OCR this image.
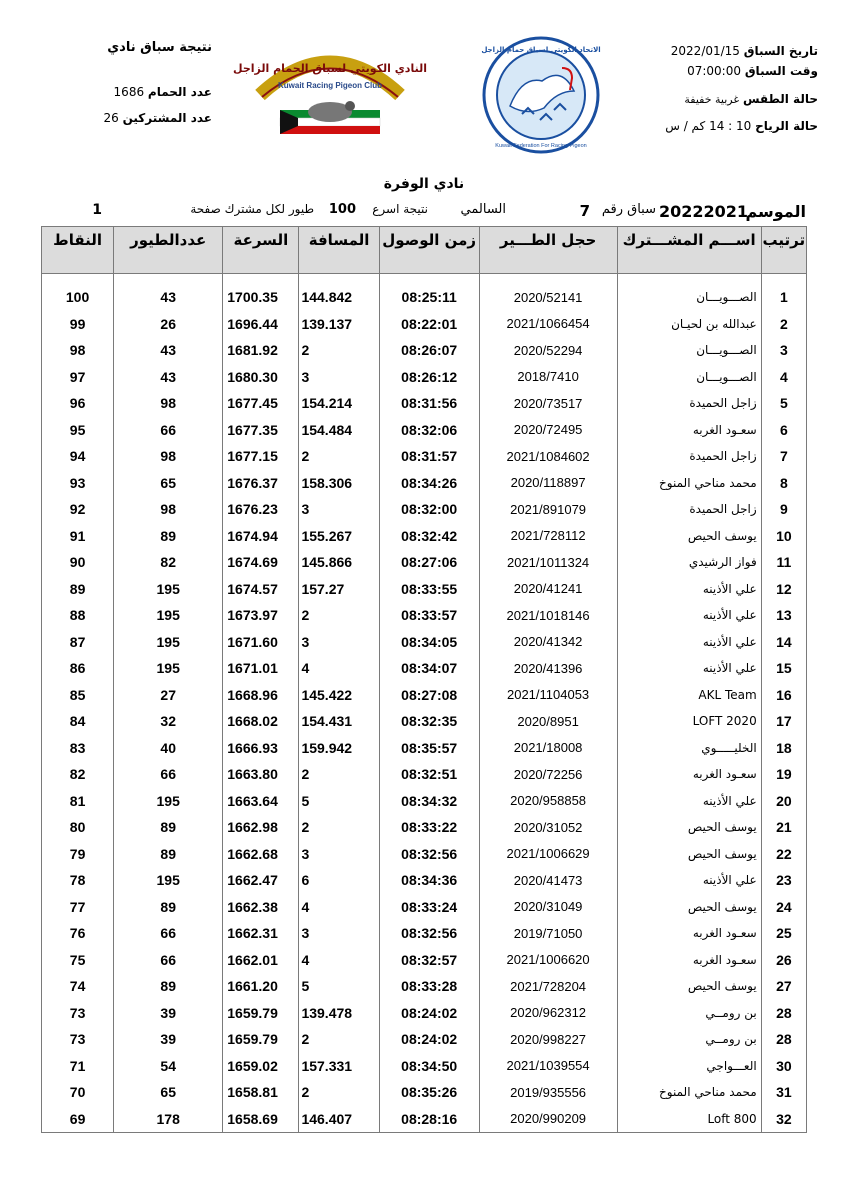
تاريخ السباق 2022/01/15
وقت السباق 07:00:00
حالة الطقس غربية خفيفة
حالة الرياح 10 : 14 كم / س
نتيجة سباق نادي
عدد الحمام 1686
عدد المشتركين 26
النادي الكويتي لسباق الحمام الزاجل
Kuwait Racing Pigeon Club
الاتحاد الكويتي لسباق حمام الزاجل
Kuwait Federation For Racing Pigeon
نادي الوفرة
الموسم
20222021
سباق رقم
7
السالمي
نتيجة اسرع
100
طيور لكل مشترك صفحة
1
ترتيب	اســـم المشـــترك	حجل الطـــير	زمن الوصول	المسافة	السرعة	عددالطيور	النقاط

1	الصـــويـــان	2020/52141	08:25:11	144.842	1700.35	43	100
2	عبدالله بن لحيـان	2021/1066454	08:22:01	139.137	1696.44	26	99
3	الصـــويـــان	2020/52294	08:26:07	2	1681.92	43	98
4	الصـــويـــان	2018/7410	08:26:12	3	1680.30	43	97
5	زاجل الحميدة	2020/73517	08:31:56	154.214	1677.45	98	96
6	سعـود الغربه	2020/72495	08:32:06	154.484	1677.35	66	95
7	زاجل الحميدة	2021/1084602	08:31:57	2	1677.15	98	94
8	محمد مناحي المنوخ	2020/118897	08:34:26	158.306	1676.37	65	93
9	زاجل الحميدة	2021/891079	08:32:00	3	1676.23	98	92
10	يوسف الحيص	2021/728112	08:32:42	155.267	1674.94	89	91
11	فواز الرشيدي	2021/1011324	08:27:06	145.866	1674.69	82	90
12	علي الأذينه	2020/41241	08:33:55	157.27	1674.57	195	89
13	علي الأذينه	2021/1018146	08:33:57	2	1673.97	195	88
14	علي الأذينه	2020/41342	08:34:05	3	1671.60	195	87
15	علي الأذينه	2020/41396	08:34:07	4	1671.01	195	86
16	AKL Team	2021/1104053	08:27:08	145.422	1668.96	27	85
17	LOFT 2020	2020/8951	08:32:35	154.431	1668.02	32	84
18	الخليـــــوي	2021/18008	08:35:57	159.942	1666.93	40	83
19	سعـود الغربه	2020/72256	08:32:51	2	1663.80	66	82
20	علي الأذينه	2020/958858	08:34:32	5	1663.64	195	81
21	يوسف الحيص	2020/31052	08:33:22	2	1662.98	89	80
22	يوسف الحيص	2021/1006629	08:32:56	3	1662.68	89	79
23	علي الأذينه	2020/41473	08:34:36	6	1662.47	195	78
24	يوسف الحيص	2020/31049	08:33:24	4	1662.38	89	77
25	سعـود الغربه	2019/71050	08:32:56	3	1662.31	66	76
26	سعـود الغربه	2021/1006620	08:32:57	4	1662.01	66	75
27	يوسف الحيص	2021/728204	08:33:28	5	1661.20	89	74
28	بن رومــي	2020/962312	08:24:02	139.478	1659.79	39	73
28	بن رومــي	2020/998227	08:24:02	2	1659.79	39	73
30	العـــواجي	2021/1039554	08:34:50	157.331	1659.02	54	71
31	محمد مناحي المنوخ	2019/935556	08:35:26	2	1658.81	65	70
32	Loft 800	2020/990209	08:28:16	146.407	1658.69	178	69
